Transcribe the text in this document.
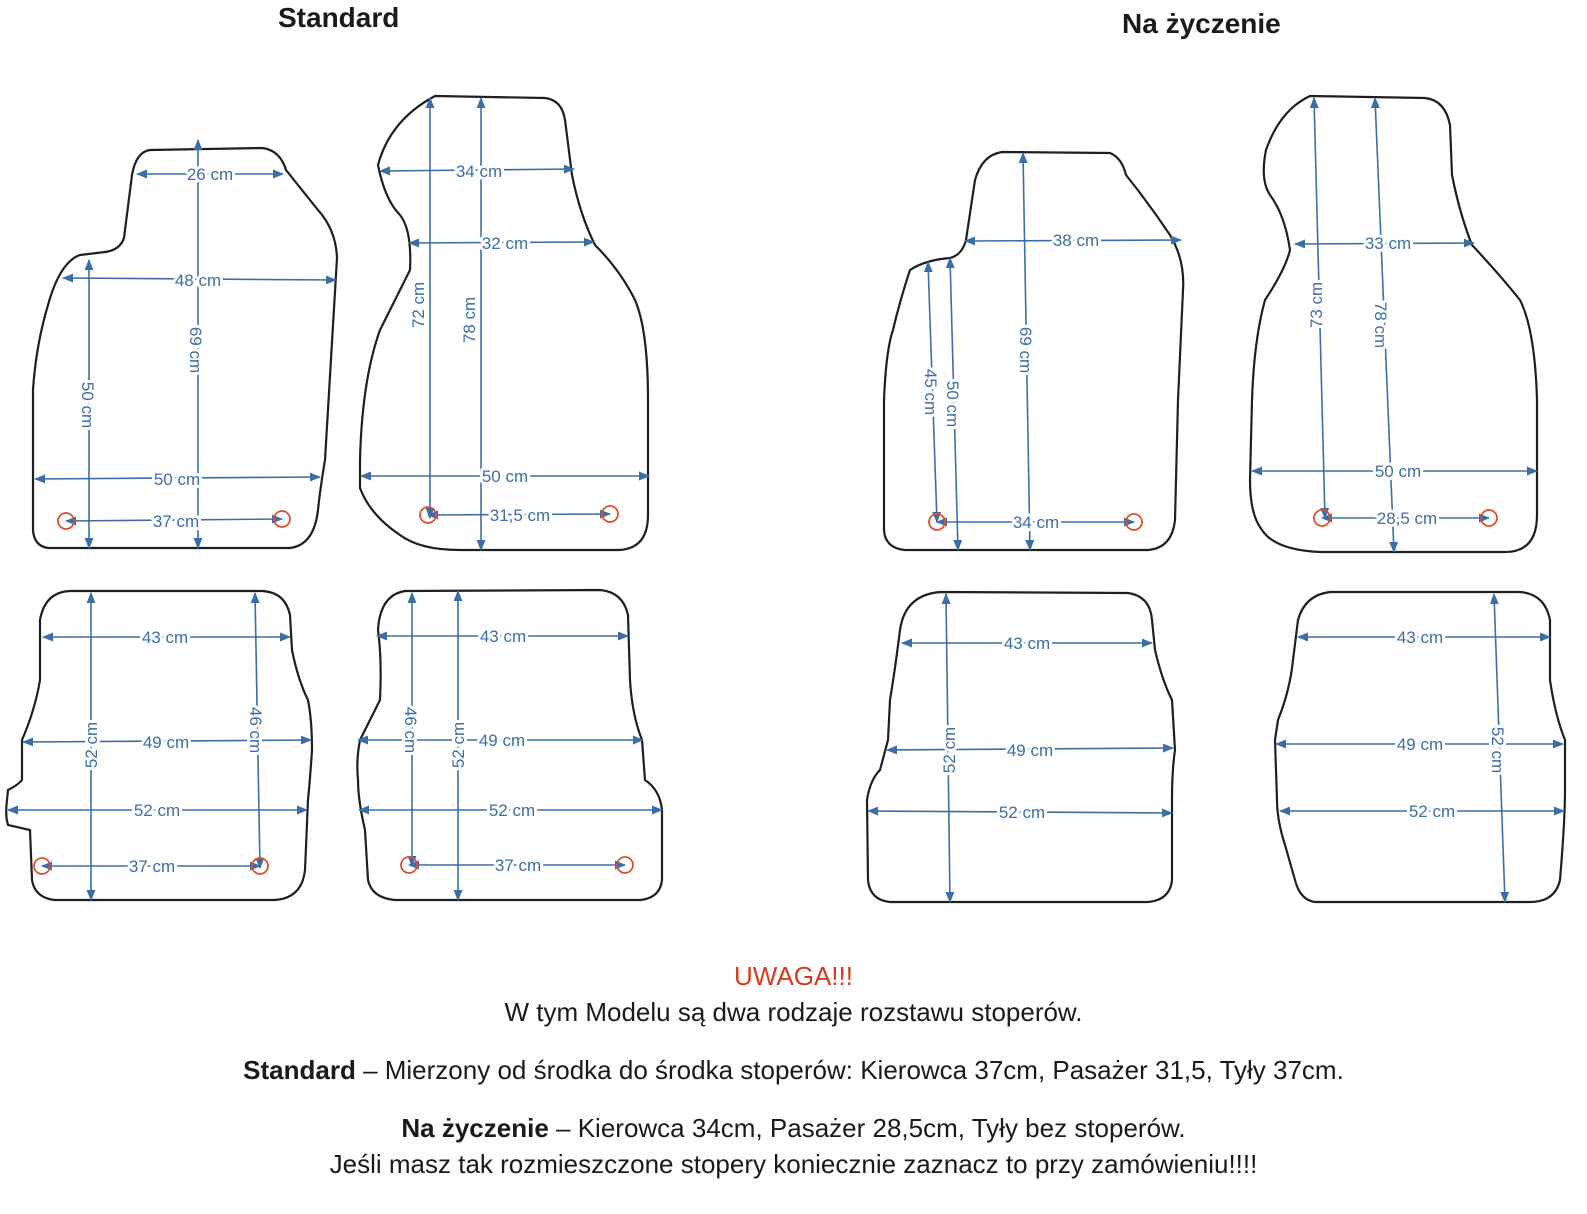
Standard	Na życzenie
26 cm
48 cm
69 cm
50 cm
50 cm
37 cm
34 cm
32 cm
72 cm 78 cm
50 cm
31,5 cm
43 cm
49 cm
52 cm	46 cm
52 cm
37 cm
43 cm
49 cm
46 cm 52 cm
52 cm
37 cm
38 cm
69 cm
45 cm 50 cm
34 cm
33 cm
73 cm	78 cm
50 cm
28,5 cm
43 cm
52 cm	49 cm
52 cm
43 cm
49 cm	52 cm
52 cm
UWAGA!!!
W tym Modelu są dwa rodzaje rozstawu stoperów.
Standard – Mierzony od środka do środka stoperów: Kierowca 37cm, Pasażer 31,5, Tyły 37cm.
Na życzenie – Kierowca 34cm, Pasażer 28,5cm, Tyły bez stoperów.
Jeśli masz tak rozmieszczone stopery koniecznie zaznacz to przy zamówieniu!!!!
